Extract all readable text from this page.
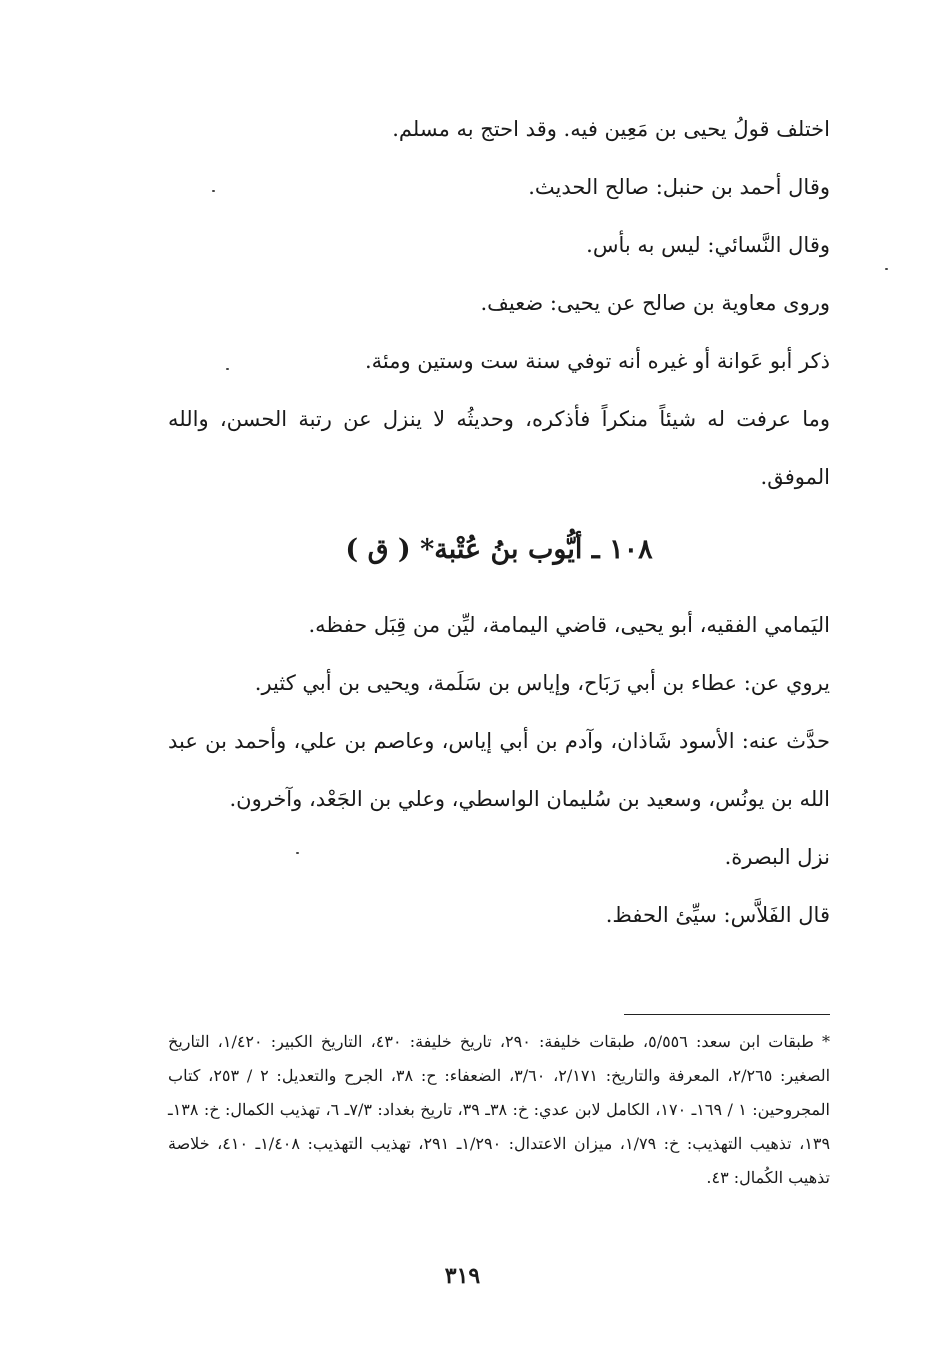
اختلف قولُ يحيى بن مَعِين فيه. وقد احتج به مسلم.

وقال أحمد بن حنبل: صالح الحديث.

وقال النَّسائي: ليس به بأس.

وروى معاوية بن صالح عن يحيى: ضعيف.

ذكر أبو عَوانة أو غيره أنه توفي سنة ست وستين ومئة.

وما عرفت له شيئاً منكراً فأذكره، وحديثُه لا ينزل عن رتبة الحسن، والله الموفق.

١٠٨ ـ أيُّوب بنُ عُتْبة* ( ق )

اليَمامي الفقيه، أبو يحيى، قاضي اليمامة، ليِّن من قِبَل حفظه.

يروي عن: عطاء بن أبي رَبَاح، وإياس بن سَلَمة، ويحيى بن أبي كثير.

حدَّث عنه: الأسود شَاذان، وآدم بن أبي إياس، وعاصم بن علي، وأحمد بن عبد الله بن يونُس، وسعيد بن سُليمان الواسطي، وعلي بن الجَعْد، وآخرون.

نزل البصرة.

قال الفَلاَّس: سيِّئ الحفظ.

* طبقات ابن سعد: ٥/٥٥٦، طبقات خليفة: ٢٩٠، تاريخ خليفة: ٤٣٠، التاريخ الكبير: ١/٤٢٠، التاريخ الصغير: ٢/٢٦٥، المعرفة والتاريخ: ٢/١٧١، ٣/٦٠، الضعفاء: ح: ٣٨، الجرح والتعديل: ٢ / ٢٥٣، كتاب المجروحين: ١ / ١٦٩ـ ١٧٠، الكامل لابن عدي: خ: ٣٨ـ ٣٩، تاريخ بغداد: ٧/٣ـ ٦، تهذيب الكمال: خ: ١٣٨ـ ١٣٩، تذهيب التهذيب: خ: ١/٧٩، ميزان الاعتدال: ١/٢٩٠ـ ٢٩١، تهذيب التهذيب: ١/٤٠٨ـ ٤١٠، خلاصة تذهيب الكُمال: ٤٣.
٣١٩
